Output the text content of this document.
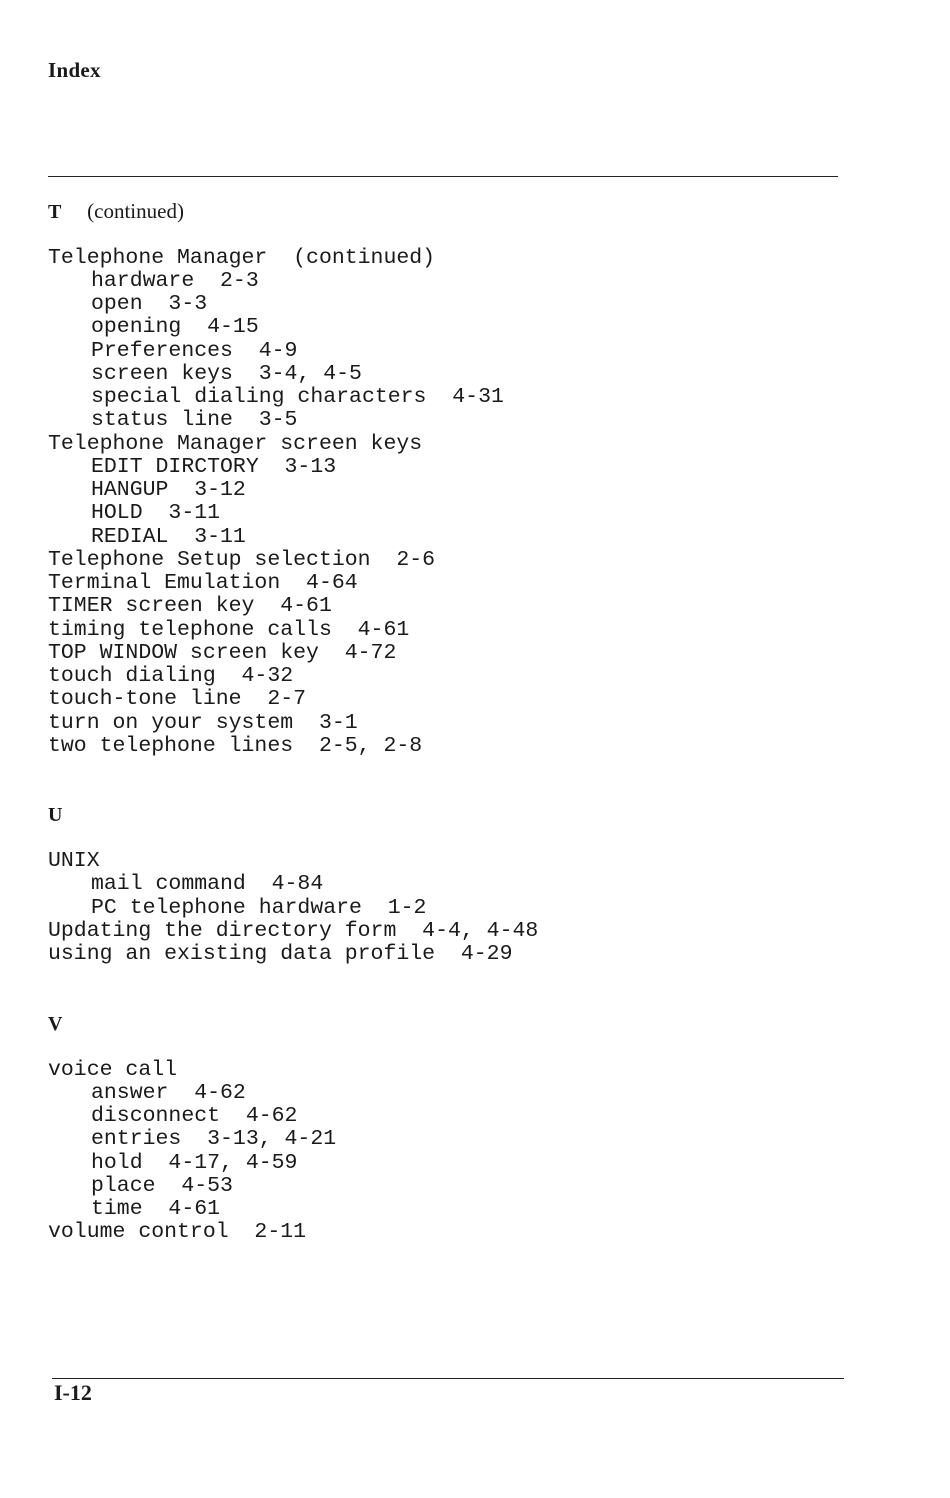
Index
T (continued)
Telephone Manager  (continued)
hardware  2-3
open  3-3
opening  4-15
Preferences  4-9
screen keys  3-4, 4-5
special dialing characters  4-31
status line  3-5
Telephone Manager screen keys
EDIT DIRCTORY  3-13
HANGUP  3-12
HOLD  3-11
REDIAL  3-11
Telephone Setup selection  2-6
Terminal Emulation  4-64
TIMER screen key  4-61
timing telephone calls  4-61
TOP WINDOW screen key  4-72
touch dialing  4-32
touch-tone line  2-7
turn on your system  3-1
two telephone lines  2-5, 2-8
U
UNIX
mail command  4-84
PC telephone hardware  1-2
Updating the directory form  4-4, 4-48
using an existing data profile  4-29
V
voice call
answer  4-62
disconnect  4-62
entries  3-13, 4-21
hold  4-17, 4-59
place  4-53
time  4-61
volume control  2-11
I-12
